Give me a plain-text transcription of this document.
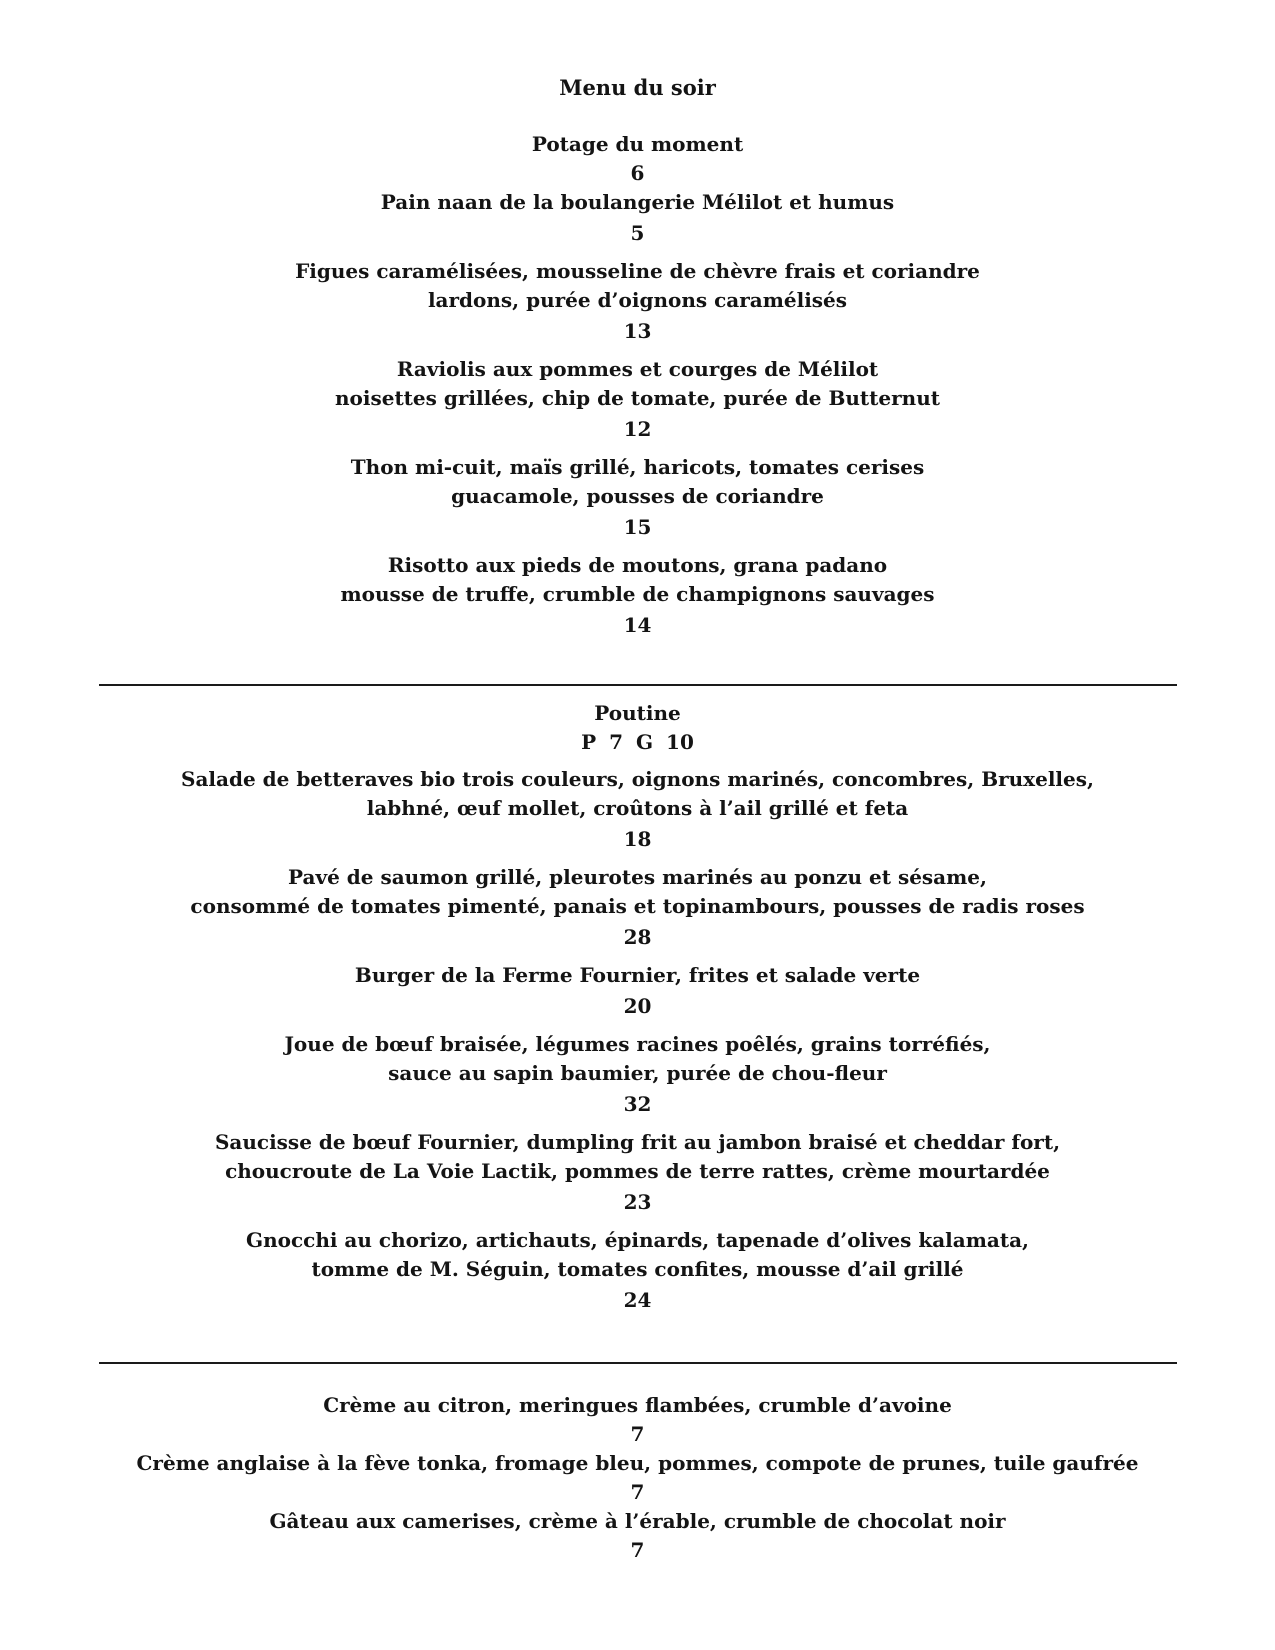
Menu du soir
Potage du moment
6
Pain naan de la boulangerie Mélilot et humus
5
Figues caramélisées, mousseline de chèvre frais et coriandre
lardons, purée d’oignons caramélisés
13
Raviolis aux pommes et courges de Mélilot
noisettes grillées, chip de tomate, purée de Butternut
12
Thon mi-cuit, maïs grillé, haricots, tomates cerises
guacamole, pousses de coriandre
15
Risotto aux pieds de moutons, grana padano
mousse de truffe, crumble de champignons sauvages
14
Poutine
P 7 G 10
Salade de betteraves bio trois couleurs, oignons marinés, concombres, Bruxelles,
labhné, œuf mollet, croûtons à l’ail grillé et feta
18
Pavé de saumon grillé, pleurotes marinés au ponzu et sésame,
consommé de tomates pimenté, panais et topinambours, pousses de radis roses
28
Burger de la Ferme Fournier, frites et salade verte
20
Joue de bœuf braisée, légumes racines poêlés, grains torréfiés,
sauce au sapin baumier, purée de chou-fleur
32
Saucisse de bœuf Fournier, dumpling frit au jambon braisé et cheddar fort,
choucroute de La Voie Lactik, pommes de terre rattes, crème mourtardée
23
Gnocchi au chorizo, artichauts, épinards, tapenade d’olives kalamata,
tomme de M. Séguin, tomates confites, mousse d’ail grillé
24
Crème au citron, meringues flambées, crumble d’avoine
7
Crème anglaise à la fève tonka, fromage bleu, pommes, compote de prunes, tuile gaufrée
7
Gâteau aux camerises, crème à l’érable, crumble de chocolat noir
7
